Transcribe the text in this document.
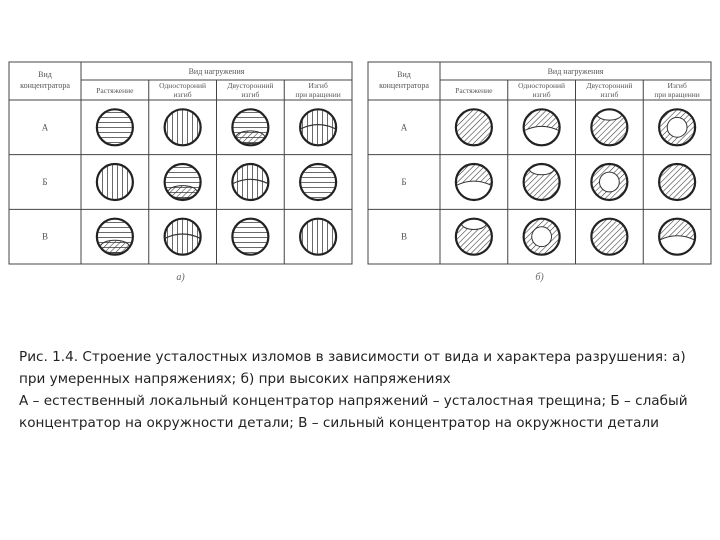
Вид
концентратора
Вид нагружения
Растяжение
Одностороний
изгиб
Двусторонний
изгиб
Изгиб
при вращении
А
Б
В
а)
Вид
концентратора
Вид нагружения
Растяжение
Одностороний
изгиб
Двусторонний
изгиб
Изгиб
при вращении
А
Б
В
б)

Рис. 1.4. Строение усталостных изломов в зависимости от вида и характера разрушения: а) при умеренных напряжениях; б) при высоких напряжениях

А – естественный локальный концентратор напряжений – усталостная трещина; Б – слабый концентратор на окружности детали; В – сильный концентратор на окружности детали
